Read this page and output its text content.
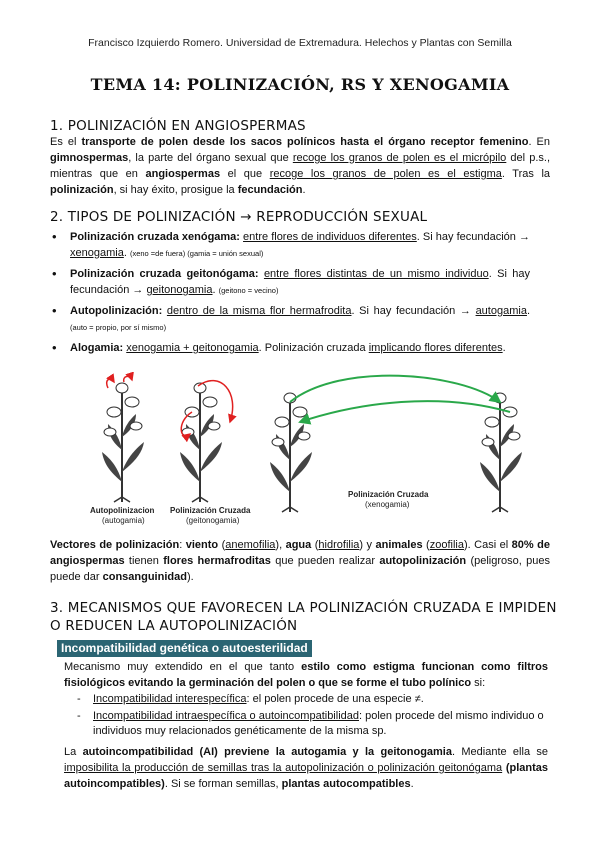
Francisco Izquierdo Romero. Universidad de Extremadura. Helechos y Plantas con Semilla
TEMA 14: POLINIZACIÓN, RS Y XENOGAMIA
1. POLINIZACIÓN EN ANGIOSPERMAS
Es el transporte de polen desde los sacos polínicos hasta el órgano receptor femenino. En gimnospermas, la parte del órgano sexual que recoge los granos de polen es el micrópilo del p.s., mientras que en angiospermas el que recoge los granos de polen es el estigma. Tras la polinización, si hay éxito, prosigue la fecundación.
2. TIPOS DE POLINIZACIÓN → REPRODUCCIÓN SEXUAL
• Polinización cruzada xenógama: entre flores de individuos diferentes. Si hay fecundación → xenogamia. (xeno =de fuera) (gamia = unión sexual)
• Polinización cruzada geitonógama: entre flores distintas de un mismo individuo. Si hay fecundación → geitonogamia. (geitono = vecino)
• Autopolinización: dentro de la misma flor hermafrodita. Si hay fecundación → autogamia. (auto = propio, por sí mismo)
• Alogamia: xenogamia + geitonogamia. Polinización cruzada implicando flores diferentes.
Autopolinizacion
(autogamia)
Polinización Cruzada
(geitonogamia)
Polinización Cruzada
(xenogamia)
Vectores de polinización: viento (anemofilia), agua (hidrofilia) y animales (zoofilia). Casi el 80% de angiospermas tienen flores hermafroditas que pueden realizar autopolinización (peligroso, pues puede dar consanguinidad).
3. MECANISMOS QUE FAVORECEN LA POLINIZACIÓN CRUZADA E IMPIDEN
O REDUCEN LA AUTOPOLINIZACIÓN
Incompatibilidad genética o autoesterilidad
Mecanismo muy extendido en el que tanto estilo como estigma funcionan como filtros fisiológicos evitando la germinación del polen o que se forme el tubo polínico si:
- Incompatibilidad interespecífica: el polen procede de una especie ≠.
- Incompatibilidad intraespecífica o autoincompatibilidad: polen procede del mismo individuo o individuos muy relacionados genéticamente de la misma sp.
La autoincompatibilidad (AI) previene la autogamia y la geitonogamia. Mediante ella se imposibilita la producción de semillas tras la autopolinización o polinización geitonógama (plantas autoincompatibles). Si se forman semillas, plantas autocompatibles.
